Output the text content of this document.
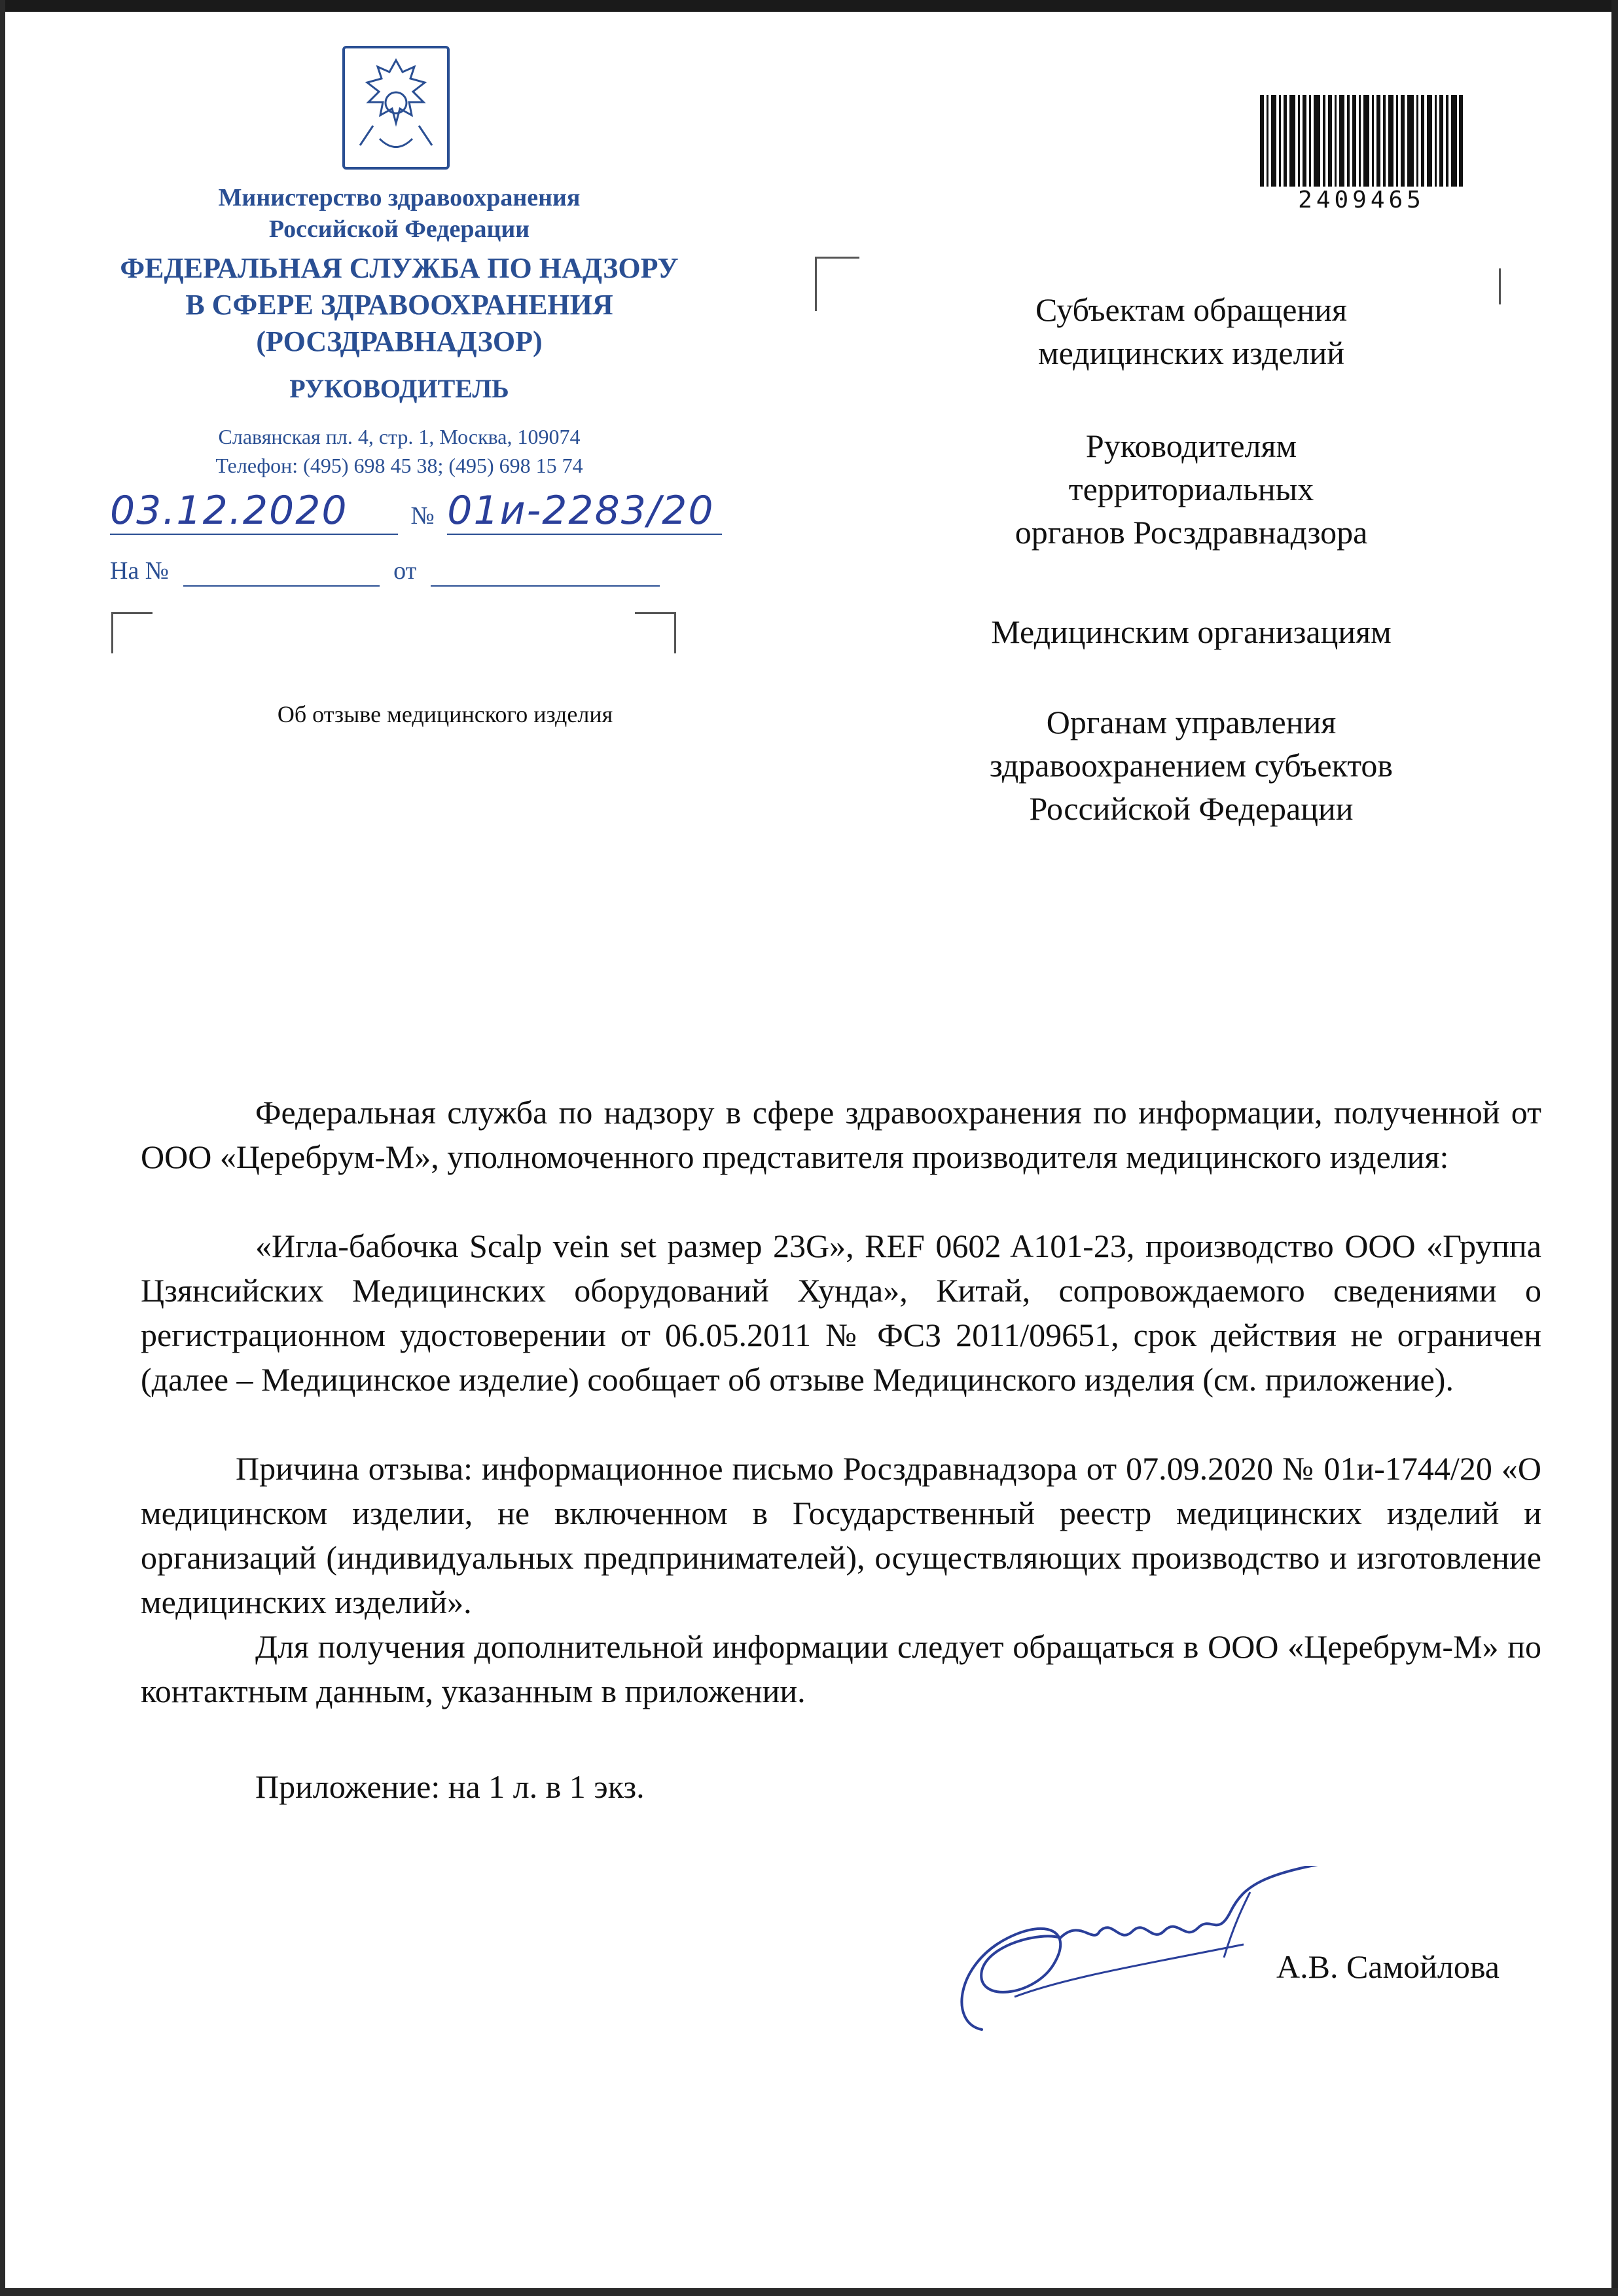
Министерство здравоохранения
Российской Федерации
ФЕДЕРАЛЬНАЯ СЛУЖБА ПО НАДЗОРУ
В СФЕРЕ ЗДРАВООХРАНЕНИЯ
(РОСЗДРАВНАДЗОР)
РУКОВОДИТЕЛЬ
Славянская пл. 4, стр. 1, Москва, 109074
Телефон: (495) 698 45 38; (495) 698 15 74
03.12.2020	№ 01и-2283/20
На №	от
Об отзыве медицинского изделия
2409465
Субъектам обращения
медицинских изделий
Руководителям
территориальных
органов Росздравнадзора
Медицинским организациям
Органам управления
здравоохранением субъектов
Российской Федерации
Федеральная служба по надзору в сфере здравоохранения по информации, полученной от ООО «Церебрум-М», уполномоченного представителя производителя медицинского изделия:
«Игла-бабочка Scalp vein set размер 23G», REF 0602 A101-23, производство ООО «Группа Цзянсийских Медицинских оборудований Хунда», Китай, сопровождаемого сведениями о регистрационном удостоверении от 06.05.2011 № ФСЗ 2011/09651, срок действия не ограничен (далее – Медицинское изделие) сообщает об отзыве Медицинского изделия (см. приложение).
Причина отзыва: информационное письмо Росздравнадзора от 07.09.2020 № 01и-1744/20 «О медицинском изделии, не включенном в Государственный реестр медицинских изделий и организаций (индивидуальных предпринимателей), осуществляющих производство и изготовление медицинских изделий».
Для получения дополнительной информации следует обращаться в ООО «Церебрум-М» по контактным данным, указанным в приложении.
Приложение: на 1 л. в 1 экз.
А.В. Самойлова
